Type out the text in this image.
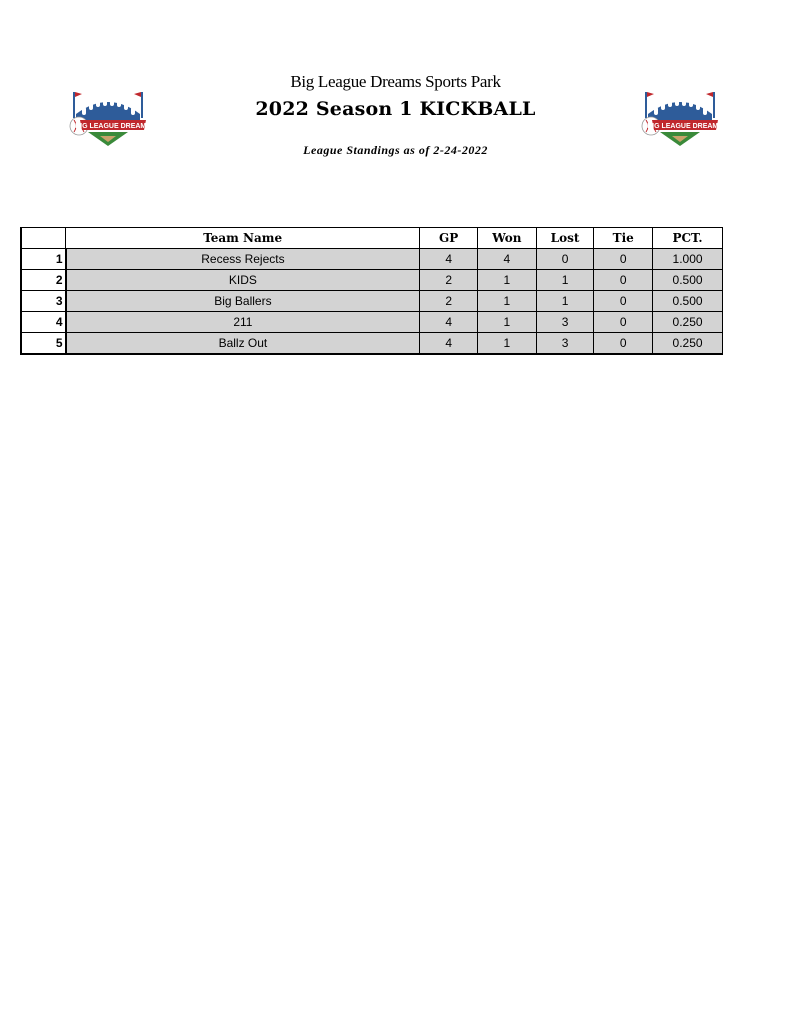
BIG LEAGUE DREAMS
Big League Dreams Sports Park
2022 Season 1 KICKBALL
League Standings as of 2-24-2022
BIG LEAGUE DREAMS
	Team Name	GP	Won	Lost	Tie	PCT.
1	Recess Rejects	4	4	0	0	1.000
2	KIDS	2	1	1	0	0.500
3	Big Ballers	2	1	1	0	0.500
4	211	4	1	3	0	0.250
5	Ballz Out	4	1	3	0	0.250
